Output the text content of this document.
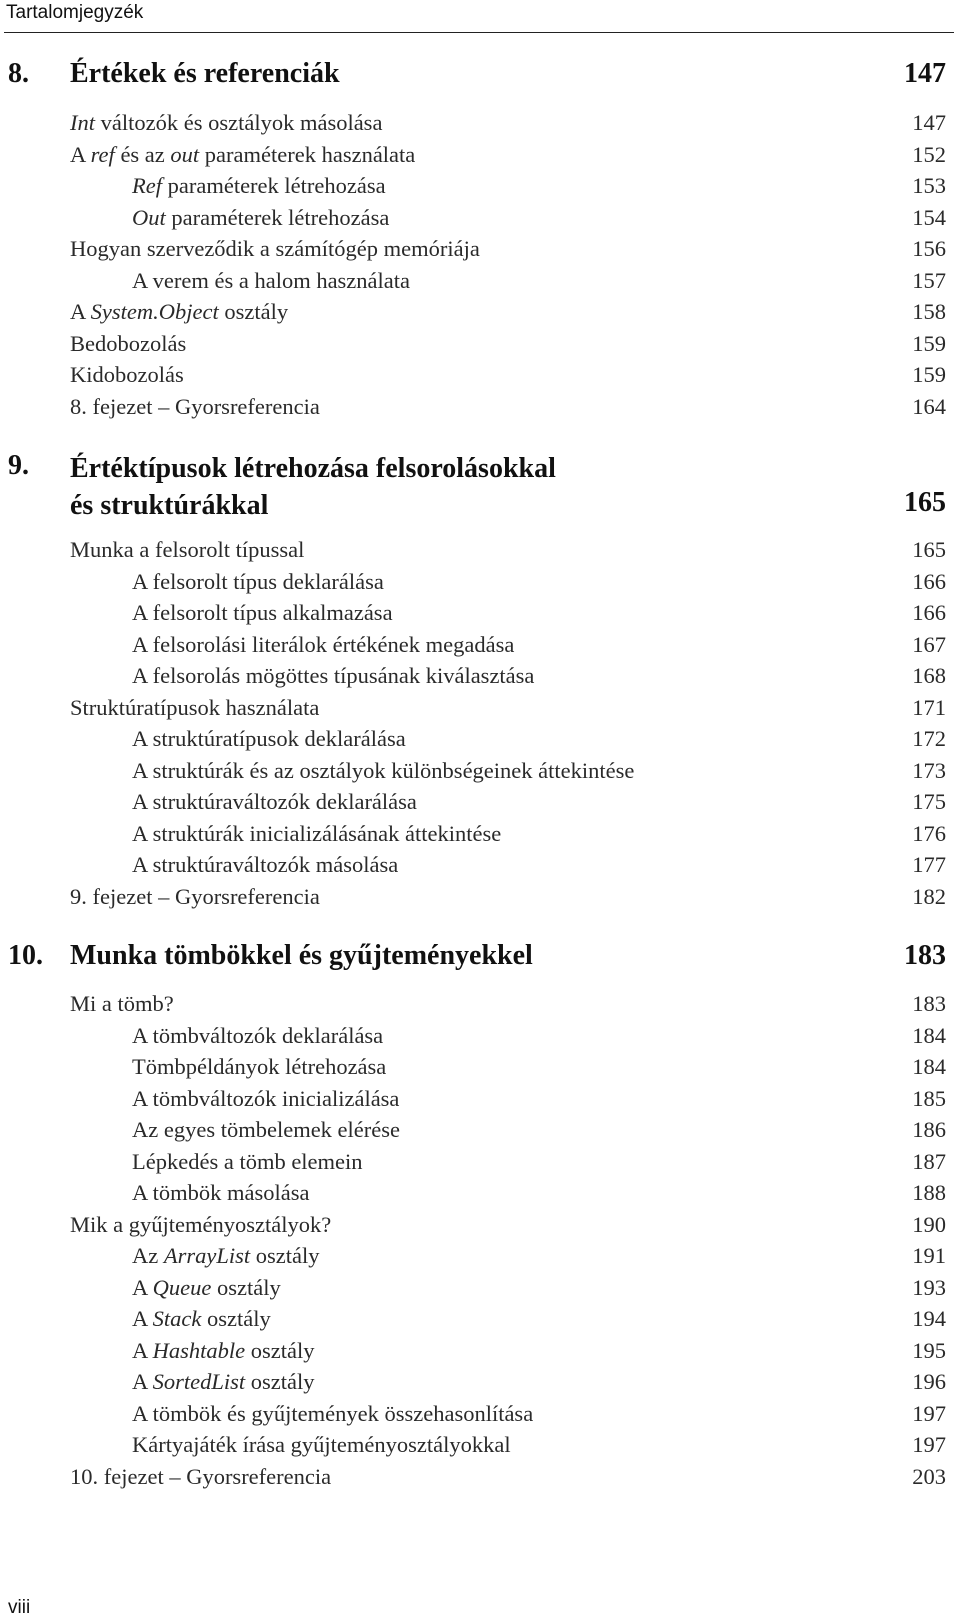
Tartalomjegyzék
8. Értékek és referenciák	147
Int változók és osztályok másolása	147
A ref és az out paraméterek használata	152
Ref paraméterek létrehozása	153
Out paraméterek létrehozása	154
Hogyan szerveződik a számítógép memóriája	156
A verem és a halom használata	157
A System.Object osztály	158
Bedobozolás	159
Kidobozolás	159
8. fejezet – Gyorsreferencia	164
9. Értéktípusok létrehozása felsorolásokkal
és struktúrákkal	165
Munka a felsorolt típussal	165
A felsorolt típus deklarálása	166
A felsorolt típus alkalmazása	166
A felsorolási literálok értékének megadása	167
A felsorolás mögöttes típusának kiválasztása	168
Struktúratípusok használata	171
A struktúratípusok deklarálása	172
A struktúrák és az osztályok különbségeinek áttekintése	173
A struktúraváltozók deklarálása	175
A struktúrák inicializálásának áttekintése	176
A struktúraváltozók másolása	177
9. fejezet – Gyorsreferencia	182
10. Munka tömbökkel és gyűjteményekkel	183
Mi a tömb?	183
A tömbváltozók deklarálása	184
Tömbpéldányok létrehozása	184
A tömbváltozók inicializálása	185
Az egyes tömbelemek elérése	186
Lépkedés a tömb elemein	187
A tömbök másolása	188
Mik a gyűjteményosztályok?	190
Az ArrayList osztály	191
A Queue osztály	193
A Stack osztály	194
A Hashtable osztály	195
A SortedList osztály	196
A tömbök és gyűjtemények összehasonlítása	197
Kártyajáték írása gyűjteményosztályokkal	197
10. fejezet – Gyorsreferencia	203
viii
